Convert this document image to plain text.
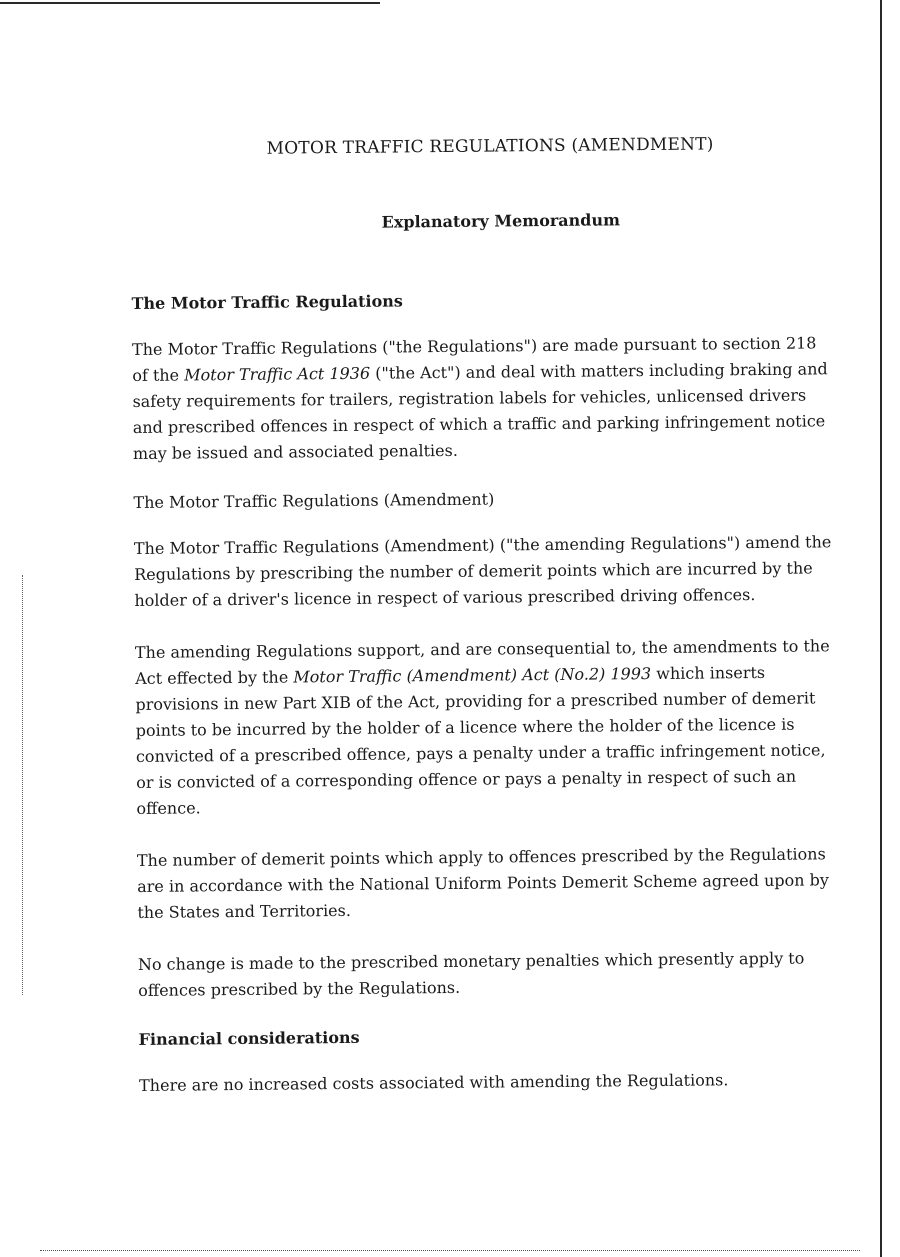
MOTOR TRAFFIC REGULATIONS (AMENDMENT)
Explanatory Memorandum
The Motor Traffic Regulations

The Motor Traffic Regulations ("the Regulations") are made pursuant to section 218 of the Motor Traffic Act 1936 ("the Act") and deal with matters including braking and safety requirements for trailers, registration labels for vehicles, unlicensed drivers and prescribed offences in respect of which a traffic and parking infringement notice may be issued and associated penalties.

The Motor Traffic Regulations (Amendment)

The Motor Traffic Regulations (Amendment) ("the amending Regulations") amend the Regulations by prescribing the number of demerit points which are incurred by the holder of a driver's licence in respect of various prescribed driving offences.

The amending Regulations support, and are consequential to, the amendments to the Act effected by the Motor Traffic (Amendment) Act (No.2) 1993 which inserts provisions in new Part XIB of the Act, providing for a prescribed number of demerit points to be incurred by the holder of a licence where the holder of the licence is convicted of a prescribed offence, pays a penalty under a traffic infringement notice, or is convicted of a corresponding offence or pays a penalty in respect of such an offence.

The number of demerit points which apply to offences prescribed by the Regulations are in accordance with the National Uniform Points Demerit Scheme agreed upon by the States and Territories.

No change is made to the prescribed monetary penalties which presently apply to offences prescribed by the Regulations.

Financial considerations

There are no increased costs associated with amending the Regulations.
